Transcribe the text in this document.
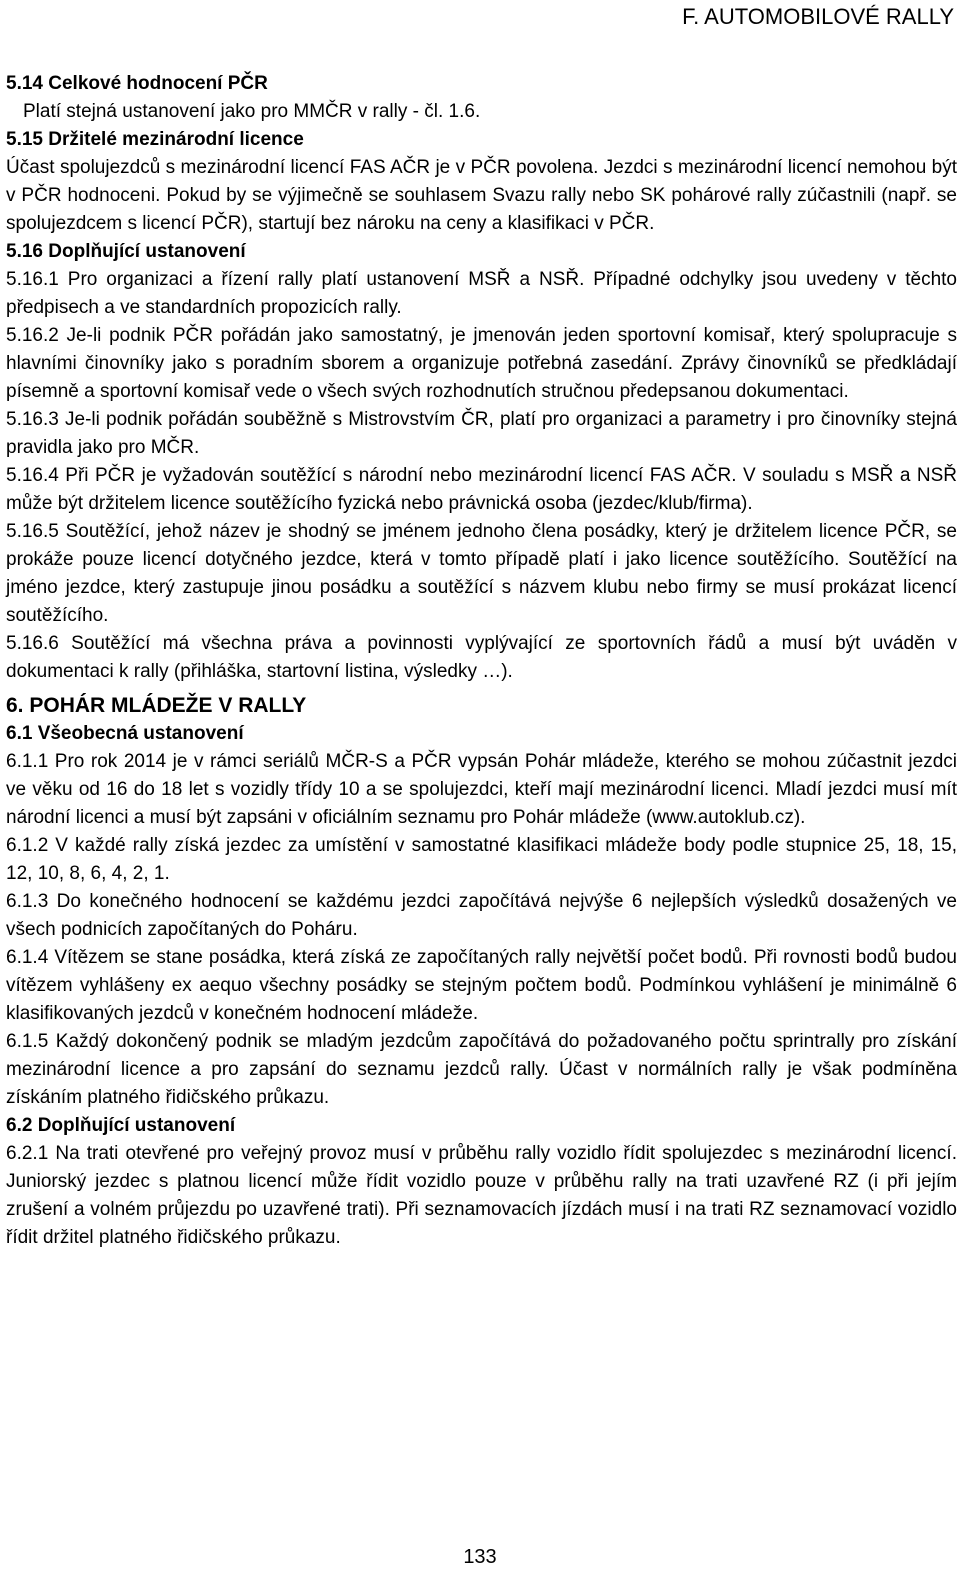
F. AUTOMOBILOVÉ RALLY

5.14 Celkové hodnocení PČR

Platí stejná ustanovení jako pro MMČR v rally - čl. 1.6.

5.15 Držitelé mezinárodní licence

Účast spolujezdců s mezinárodní licencí FAS AČR je v PČR povolena. Jezdci s mezinárodní licencí nemohou být v PČR hodnoceni. Pokud by se výjimečně se souhlasem Svazu rally nebo SK pohárové rally zúčastnili (např. se spolujezdcem s licencí PČR), startují bez nároku na ceny a klasifikaci v PČR.

5.16 Doplňující ustanovení

5.16.1 Pro organizaci a řízení rally platí ustanovení MSŘ a NSŘ. Případné odchylky jsou uvedeny v těchto předpisech a ve standardních propozicích rally.

5.16.2 Je-li podnik PČR pořádán jako samostatný, je jmenován jeden sportovní komisař, který spolupracuje s hlavními činovníky jako s poradním sborem a organizuje potřebná zasedání. Zprávy činovníků se předkládají písemně a sportovní komisař vede o všech svých rozhodnutích stručnou předepsanou dokumentaci.

5.16.3 Je-li podnik pořádán souběžně s Mistrovstvím ČR, platí pro organizaci a parametry i pro činovníky stejná pravidla jako pro MČR.

5.16.4 Při PČR je vyžadován soutěžící s národní nebo mezinárodní licencí FAS AČR. V souladu s MSŘ a NSŘ může být držitelem licence soutěžícího fyzická nebo právnická osoba (jezdec/klub/firma).

5.16.5 Soutěžící, jehož název je shodný se jménem jednoho člena posádky, který je držitelem licence PČR, se prokáže pouze licencí dotyčného jezdce, která v tomto případě platí i jako licence soutěžícího. Soutěžící na jméno jezdce, který zastupuje jinou posádku a soutěžící s názvem klubu nebo firmy se musí prokázat licencí soutěžícího.

5.16.6 Soutěžící má všechna práva a povinnosti vyplývající ze sportovních řádů a musí být uváděn v dokumentaci k rally (přihláška, startovní listina, výsledky …).

6. POHÁR MLÁDEŽE V RALLY

6.1 Všeobecná ustanovení

6.1.1 Pro rok 2014 je v rámci seriálů MČR-S a PČR vypsán Pohár mládeže, kterého se mohou zúčastnit jezdci ve věku od 16 do 18 let s vozidly třídy 10 a se spolujezdci, kteří mají mezinárodní licenci. Mladí jezdci musí mít národní licenci a musí být zapsáni v oficiálním seznamu pro Pohár mládeže (www.autoklub.cz).

6.1.2 V každé rally získá jezdec za umístění v samostatné klasifikaci mládeže body podle stupnice 25, 18, 15, 12, 10, 8, 6, 4, 2, 1.

6.1.3 Do konečného hodnocení se každému jezdci započítává nejvýše 6 nejlepších výsledků dosažených ve všech podnicích započítaných do Poháru.

6.1.4 Vítězem se stane posádka, která získá ze započítaných rally největší počet bodů. Při rovnosti bodů budou vítězem vyhlášeny ex aequo všechny posádky se stejným počtem bodů. Podmínkou vyhlášení je minimálně 6 klasifikovaných jezdců v konečném hodnocení mládeže.

6.1.5 Každý dokončený podnik se mladým jezdcům započítává do požadovaného počtu sprintrally pro získání mezinárodní licence a pro zapsání do seznamu jezdců rally. Účast v normálních rally je však podmíněna získáním platného řidičského průkazu.

6.2 Doplňující ustanovení

6.2.1 Na trati otevřené pro veřejný provoz musí v průběhu rally vozidlo řídit spolujezdec s mezinárodní licencí. Juniorský jezdec s platnou licencí může řídit vozidlo pouze v průběhu rally na trati uzavřené RZ (i při jejím zrušení a volném průjezdu po uzavřené trati). Při seznamovacích jízdách musí i na trati RZ seznamovací vozidlo řídit držitel platného řidičského průkazu.

133
